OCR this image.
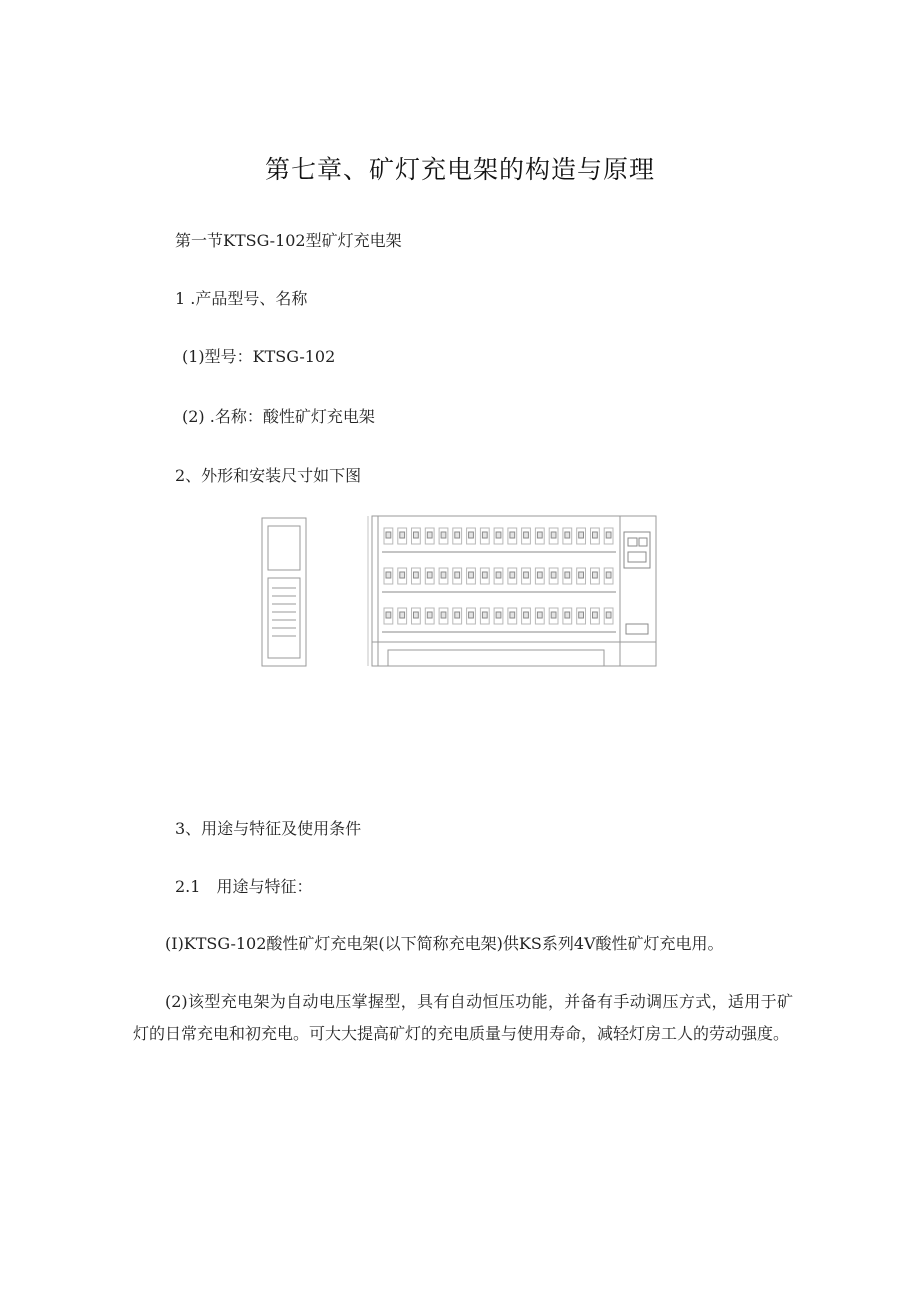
第七章、矿灯充电架的构造与原理
第一节KTSG-102型矿灯充电架
1 .产品型号、名称
(1)型号：KTSG-102
(2) .名称：酸性矿灯充电架
2、外形和安装尺寸如下图
3、用途与特征及使用条件
2.1　用途与特征：
(I)KTSG-102酸性矿灯充电架(以下简称充电架)供KS系列4V酸性矿灯充电用。
(2)该型充电架为自动电压掌握型，具有自动恒压功能，并备有手动调压方式，适用于矿灯的日常充电和初充电。可大大提高矿灯的充电质量与使用寿命，减轻灯房工人的劳动强度。
